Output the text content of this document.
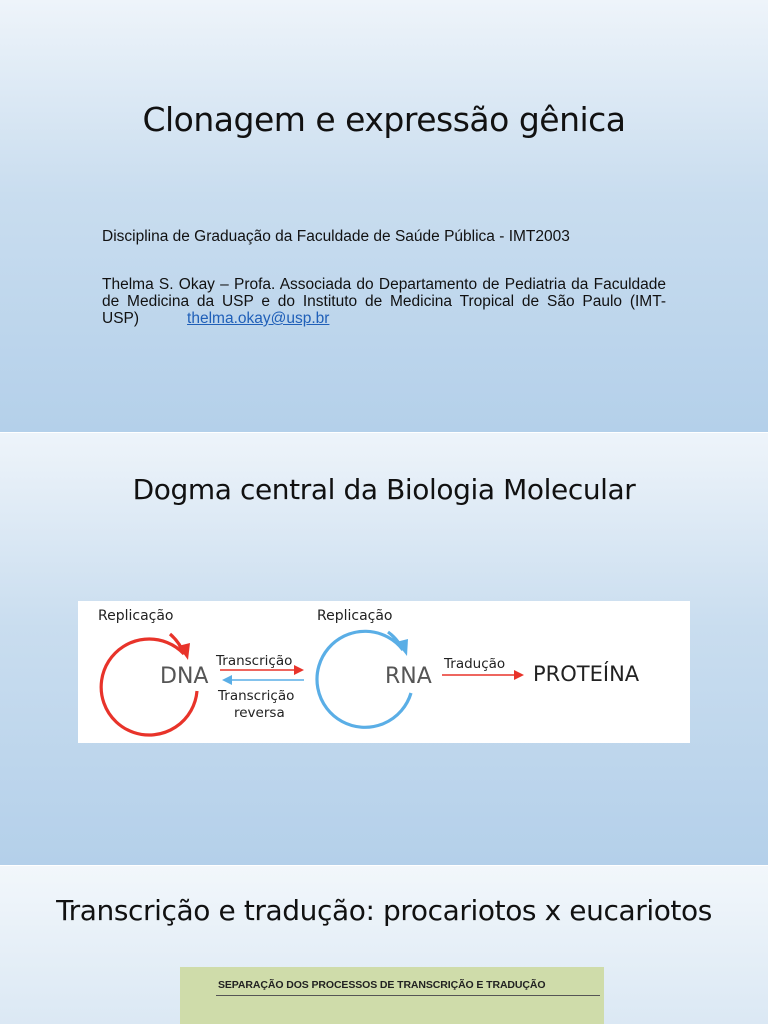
Clonagem e expressão gênica
Disciplina de Graduação da Faculdade de Saúde Pública - IMT2003
Thelma S. Okay – Profa. Associada do Departamento de Pediatria da Faculdade de Medicina da USP e do Instituto de Medicina Tropical de São Paulo (IMT-USP)	thelma.okay@usp.br
Dogma central da Biologia Molecular
Replicação	Replicação
DNA	RNA
Transcrição
Transcrição
reversa
Tradução PROTEÍNA
Transcrição e tradução: procariotos x eucariotos
SEPARAÇÃO DOS PROCESSOS DE TRANSCRIÇÃO E TRADUÇÃO
